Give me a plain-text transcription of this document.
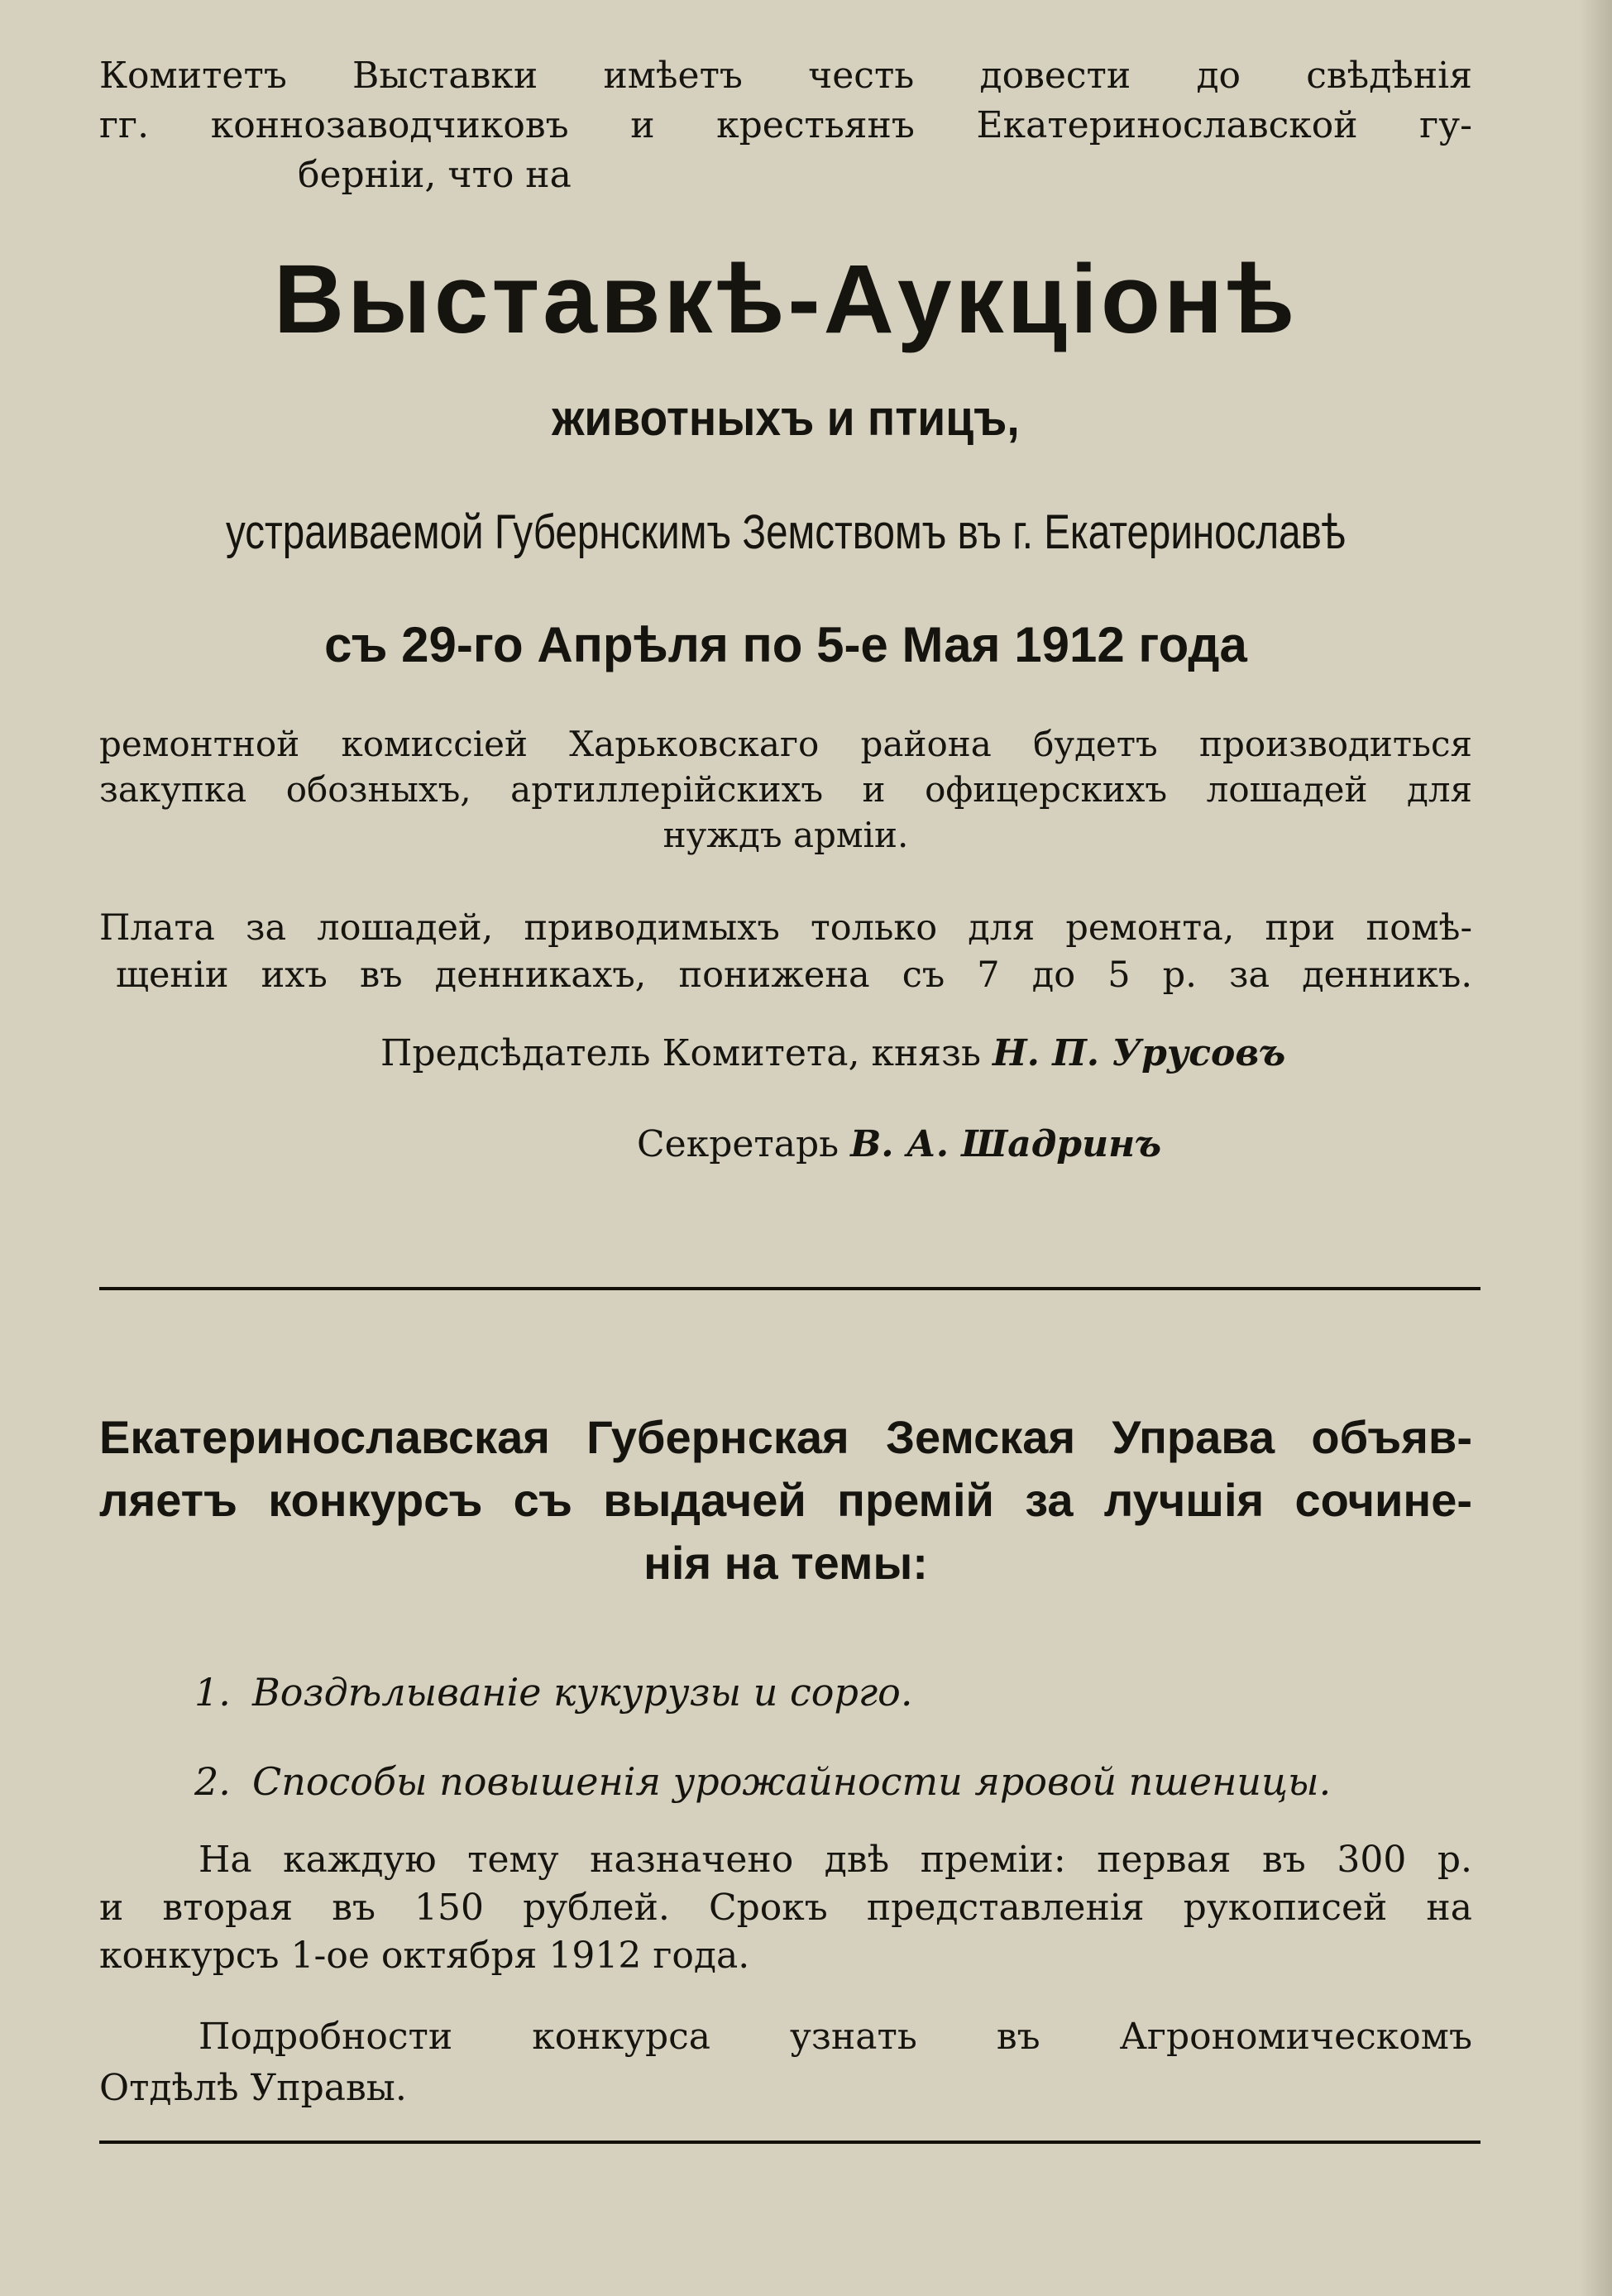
Комитетъ Выставки имѣетъ честь довести до свѣдѣнія
гг. коннозаводчиковъ и крестьянъ Екатеринославской гу-
берніи, что на

Выставкѣ-Аукціонѣ
животныхъ и птицъ,

устраиваемой Губернскимъ Земствомъ въ г. Екатеринославѣ

съ 29-го Апрѣля по 5-е Мая 1912 года

ремонтной комиссіей Харьковскаго района будетъ производиться
закупка обозныхъ, артиллерійскихъ и офицерскихъ лошадей для
нуждъ арміи.

Плата за лошадей, приводимыхъ только для ремонта, при помѣ-
щеніи ихъ въ денникахъ, понижена съ 7 до 5 р. за денникъ.

Предсѣдатель Комитета, князь Н. П. Урусовъ

Секретарь В. А. Шадринъ

Екатеринославская Губернская Земская Управа объяв-
ляетъ конкурсъ съ выдачей премій за лучшія сочине-
нія на темы:

1. Воздѣлываніе кукурузы и сорго.

2. Способы повышенія урожайности яровой пшеницы.

На каждую тему назначено двѣ преміи: первая въ 300 р.
и вторая въ 150 рублей. Срокъ представленія рукописей на
конкурсъ 1-ое октября 1912 года.

Подробности конкурса узнать въ Агрономическомъ
Отдѣлѣ Управы.
